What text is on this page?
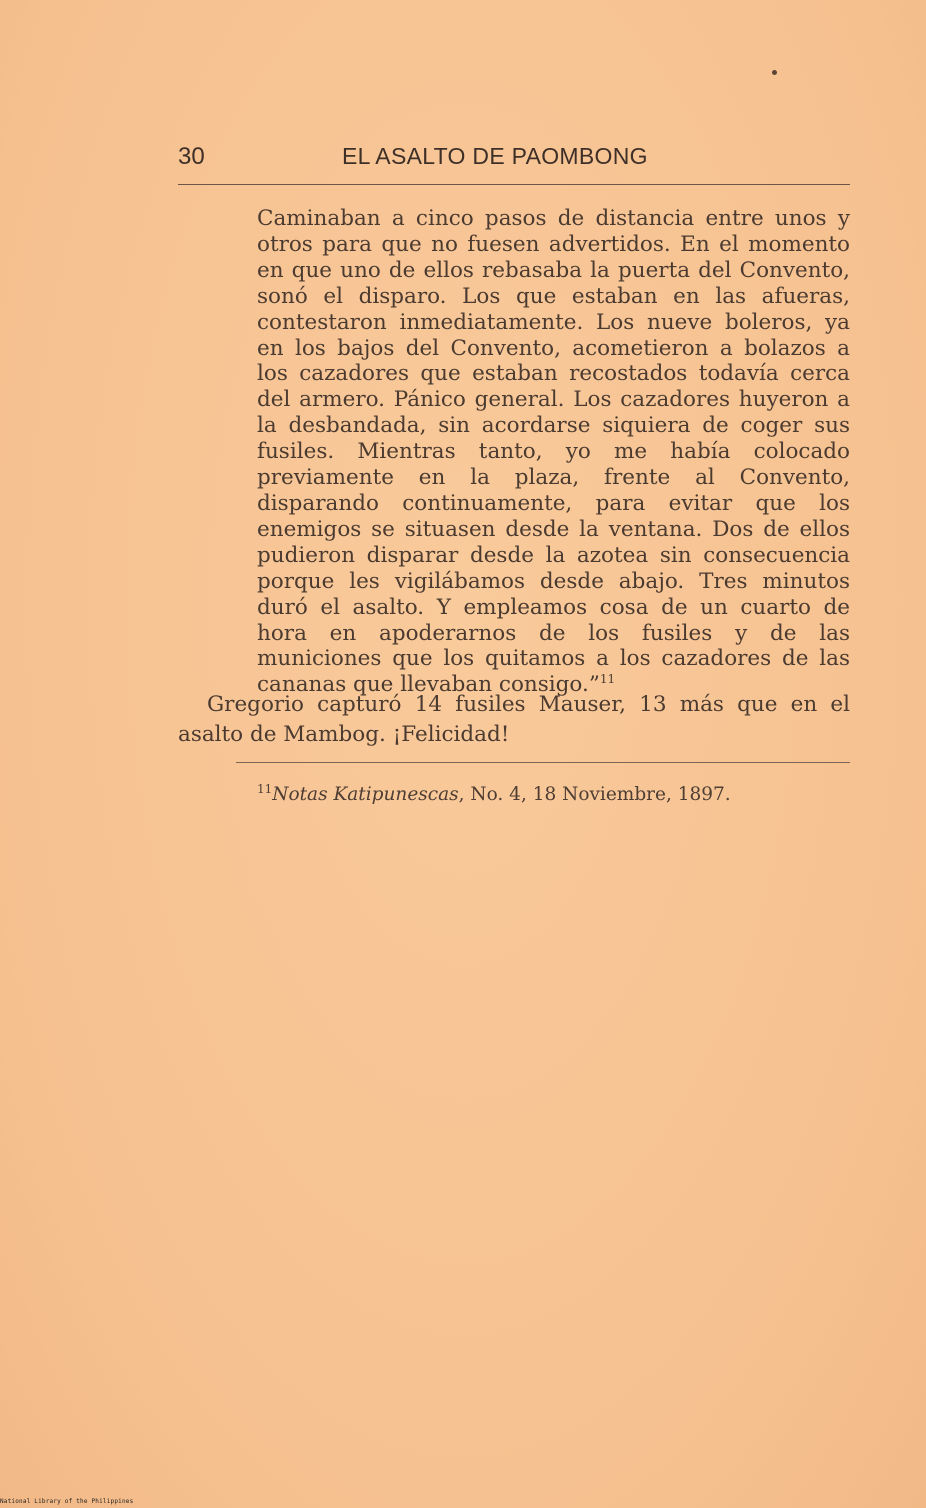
30	EL ASALTO DE PAOMBONG
Caminaban a cinco pasos de distancia entre unos y otros para que no fuesen advertidos. En el momento en que uno de ellos rebasaba la puerta del Convento, sonó el disparo. Los que estaban en las afueras, contestaron inmediatamente. Los nueve boleros, ya en los bajos del Convento, acometieron a bolazos a los cazadores que estaban recostados todavía cerca del armero. Pánico general. Los cazadores huyeron a la desbandada, sin acordarse siquiera de coger sus fusiles. Mientras tanto, yo me había colocado previamente en la plaza, frente al Convento, disparando continuamente, para evitar que los enemigos se situasen desde la ventana. Dos de ellos pudieron disparar desde la azotea sin consecuencia porque les vigilábamos desde abajo. Tres minutos duró el asalto. Y empleamos cosa de un cuarto de hora en apoderarnos de los fusiles y de las municiones que los quitamos a los cazadores de las cananas que llevaban consigo.”$^{11}$
Gregorio capturó 14 fusiles Mauser, 13 más que en el asalto de Mambog. ¡Felicidad!
$^{11}$Notas Katipunescas, No. 4, 18 Noviembre, 1897.
National Library of the Philippines
